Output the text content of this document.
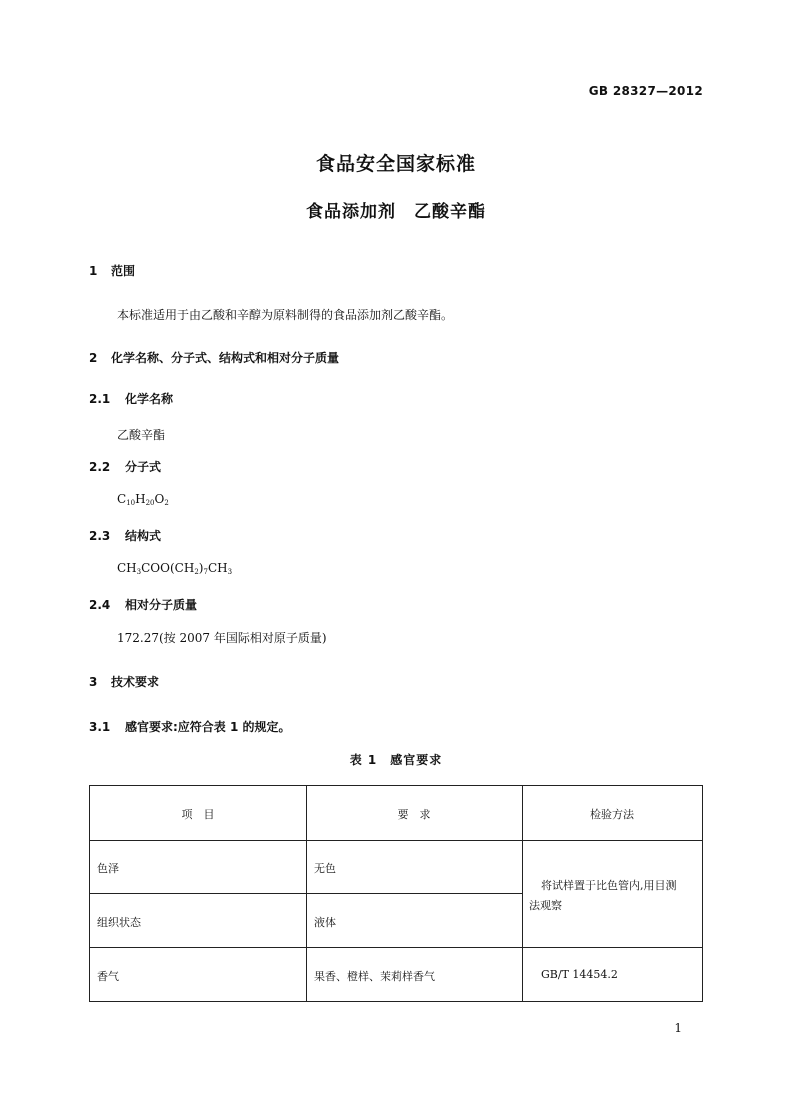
GB 28327—2012
食品安全国家标准
食品添加剂　乙酸辛酯
1 范围
本标准适用于由乙酸和辛醇为原料制得的食品添加剂乙酸辛酯。
2 化学名称、分子式、结构式和相对分子质量
2.1 化学名称
乙酸辛酯
2.2 分子式
$C_{10}H_{20}O_2$
2.3 结构式
$CH_3COO(CH_2)_7CH_3$
2.4 相对分子质量
172.27(按 2007 年国际相对原子质量)
3 技术要求
3.1 感官要求:应符合表 1 的规定。
表 1　感官要求
项　目	要　求	检验方法
色泽	无色
组织状态	液体
将试样置于比色管内,用目测
法观察
香气	果香、橙样、茉莉样香气	GB/T 14454.2
1
